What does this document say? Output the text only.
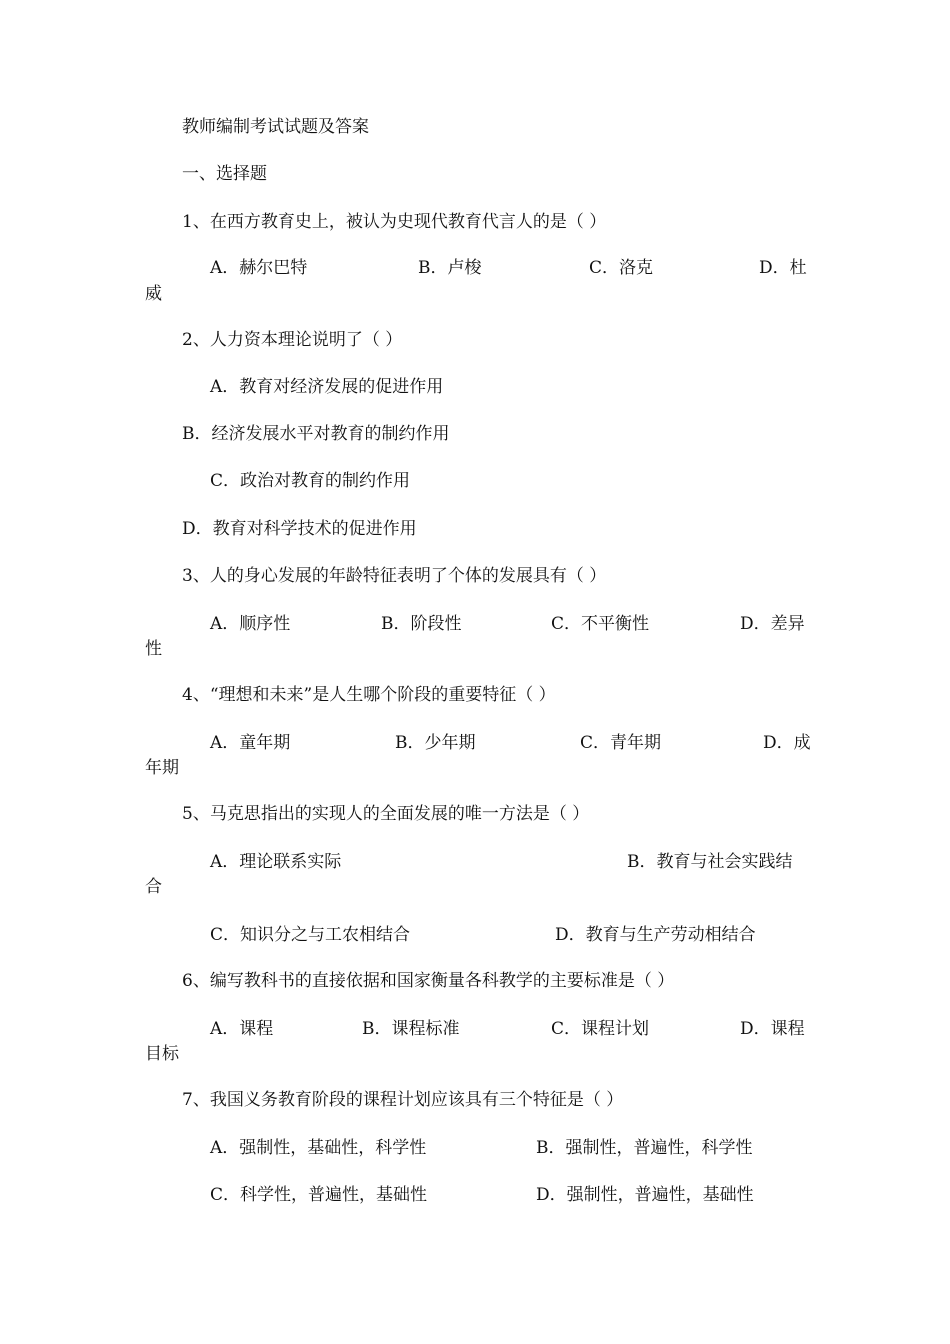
教师编制考试试题及答案

一、选择题

1、在西方教育史上，被认为史现代教育代言人的是（ ）

A．赫尔巴特	B．卢梭	C．洛克	D．杜

威

2、人力资本理论说明了（ ）

A．教育对经济发展的促进作用

B．经济发展水平对教育的制约作用

C．政治对教育的制约作用

D．教育对科学技术的促进作用

3、人的身心发展的年龄特征表明了个体的发展具有（ ）

A．顺序性	B．阶段性	C．不平衡性	D．差异

性

4、“理想和未来”是人生哪个阶段的重要特征（ ）

A．童年期	B．少年期	C．青年期	D．成

年期

5、马克思指出的实现人的全面发展的唯一方法是（ ）

A．理论联系实际	B．教育与社会实践结

合

C．知识分之与工农相结合	D．教育与生产劳动相结合

6、编写教科书的直接依据和国家衡量各科教学的主要标准是（ ）

A．课程	B．课程标准	C．课程计划	D．课程

目标

7、我国义务教育阶段的课程计划应该具有三个特征是（ ）

A．强制性，基础性，科学性	B．强制性，普遍性，科学性

C．科学性，普遍性，基础性	D．强制性，普遍性，基础性
